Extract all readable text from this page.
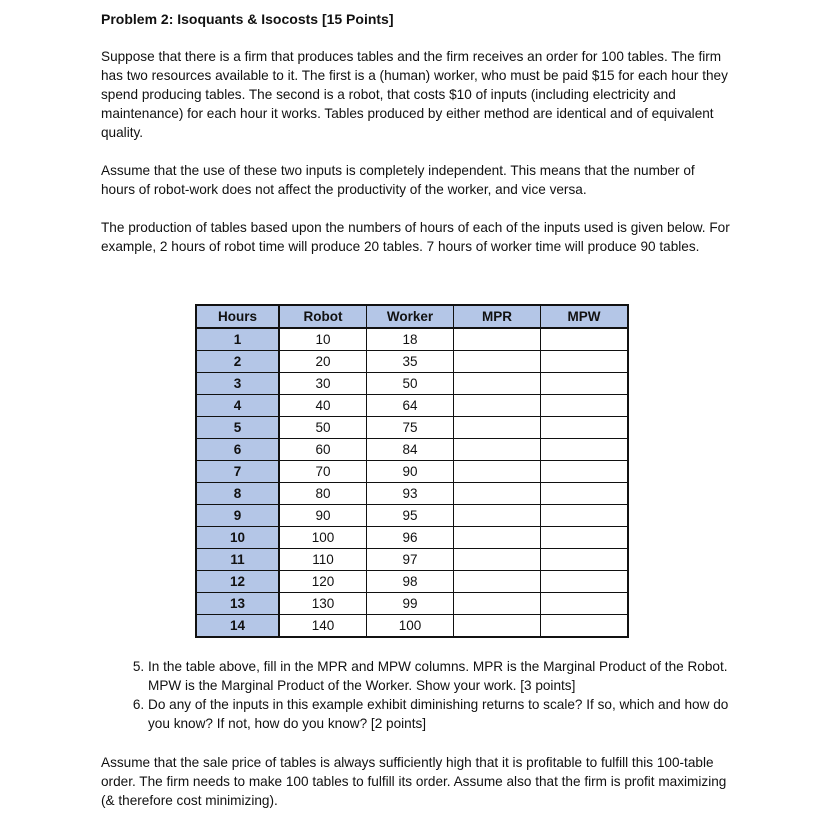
Problem 2: Isoquants & Isocosts [15 Points]

Suppose that there is a firm that produces tables and the firm receives an order for 100 tables. The firm has two resources available to it. The first is a (human) worker, who must be paid $15 for each hour they spend producing tables. The second is a robot, that costs $10 of inputs (including electricity and maintenance) for each hour it works. Tables produced by either method are identical and of equivalent quality.

Assume that the use of these two inputs is completely independent. This means that the number of hours of robot-work does not affect the productivity of the worker, and vice versa.

The production of tables based upon the numbers of hours of each of the inputs used is given below. For example, 2 hours of robot time will produce 20 tables. 7 hours of worker time will produce 90 tables.

Hours	Robot	Worker	MPR	MPW
1	10	18		
2	20	35		
3	30	50		
4	40	64		
5	50	75		
6	60	84		
7	70	90		
8	80	93		
9	90	95		
10	100	96		
11	110	97		
12	120	98		
13	130	99		
14	140	100		
5. In the table above, fill in the MPR and MPW columns. MPR is the Marginal Product of the Robot. MPW is the Marginal Product of the Worker. Show your work. [3 points]
6. Do any of the inputs in this example exhibit diminishing returns to scale? If so, which and how do you know? If not, how do you know? [2 points]
Assume that the sale price of tables is always sufficiently high that it is profitable to fulfill this 100-table order. The firm needs to make 100 tables to fulfill its order. Assume also that the firm is profit maximizing (& therefore cost minimizing).
